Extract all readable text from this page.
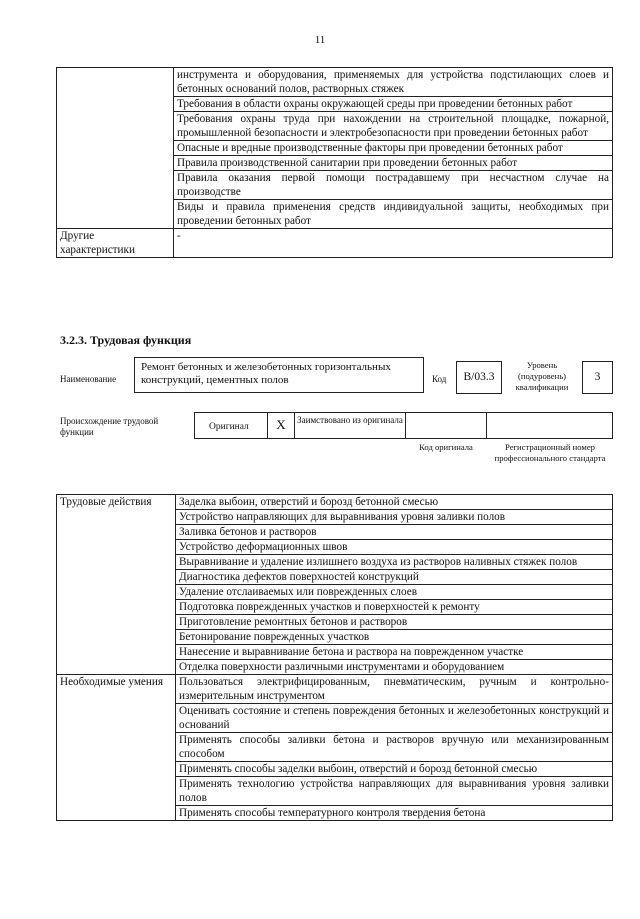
11
	инструмента и оборудования, применяемых для устройства подстилающих слоев и бетонных оснований полов, растворных стяжек
	Требования в области охраны окружающей среды при проведении бетонных работ
	Требования охраны труда при нахождении на строительной площадке, пожарной, промышленной безопасности и электробезопасности при проведении бетонных работ
	Опасные и вредные производственные факторы при проведении бетонных работ
	Правила производственной санитарии при проведении бетонных работ
	Правила оказания первой помощи пострадавшему при несчастном случае на производстве
	Виды и правила применения средств индивидуальной защиты, необходимых при проведении бетонных работ
Другие характеристики	-
3.2.3. Трудовая функция
Наименование
Ремонт бетонных и железобетонных горизонтальных конструкций, цементных полов	Код	В/03.3
Уровень (подуровень) квалификации
3
Происхождение трудовой функции	Оригинал	X	Заимствовано из оригинала
Код оригинала	Регистрационный номер профессионального стандарта
Трудовые действия	Заделка выбоин, отверстий и борозд бетонной смесью
	Устройство направляющих для выравнивания уровня заливки полов
	Заливка бетонов и растворов
	Устройство деформационных швов
	Выравнивание и удаление излишнего воздуха из растворов наливных стяжек полов
	Диагностика дефектов поверхностей конструкций
	Удаление отслаиваемых или поврежденных слоев
	Подготовка поврежденных участков и поверхностей к ремонту
	Приготовление ремонтных бетонов и растворов
	Бетонирование поврежденных участков
	Нанесение и выравнивание бетона и раствора на поврежденном участке
	Отделка поверхности различными инструментами и оборудованием
Необходимые умения	Пользоваться электрифицированным, пневматическим, ручным и контрольно-измерительным инструментом
	Оценивать состояние и степень повреждения бетонных и железобетонных конструкций и оснований
	Применять способы заливки бетона и растворов вручную или механизированным способом
	Применять способы заделки выбоин, отверстий и борозд бетонной смесью
	Применять технологию устройства направляющих для выравнивания уровня заливки полов
	Применять способы температурного контроля твердения бетона
